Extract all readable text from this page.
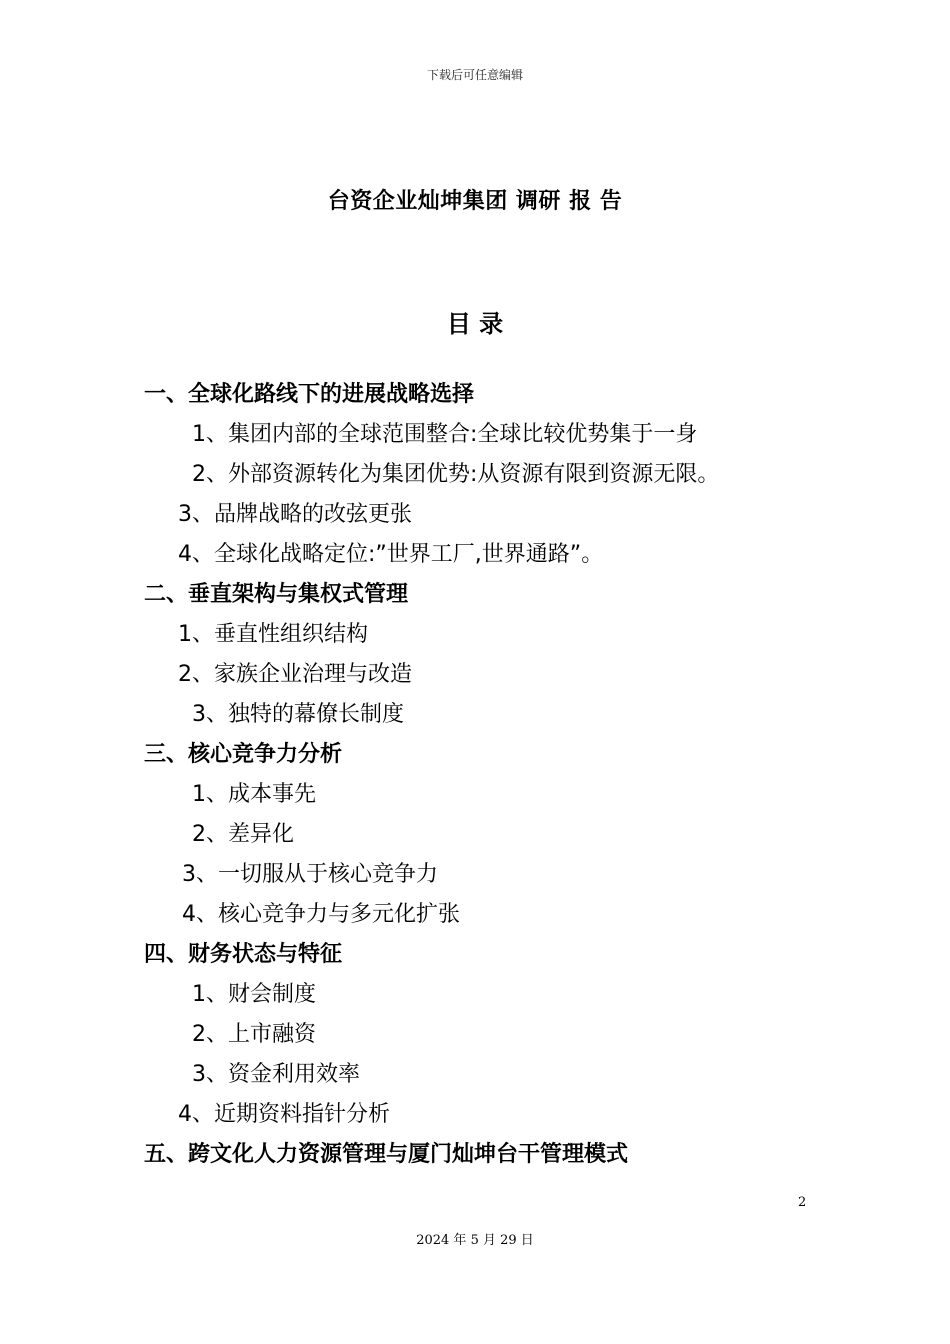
下载后可任意编辑
台资企业灿坤集团 调研 报 告
目 录
一、全球化路线下的进展战略选择
1、集团内部的全球范围整合:全球比较优势集于一身
2、外部资源转化为集团优势:从资源有限到资源无限。
3、品牌战略的改弦更张
4、全球化战略定位:”世界工厂,世界通路”。
二、垂直架构与集权式管理
1、垂直性组织结构
2、家族企业治理与改造
3、独特的幕僚长制度
三、核心竞争力分析
1、成本事先
2、差异化
3、一切服从于核心竞争力
4、核心竞争力与多元化扩张
四、财务状态与特征
1、财会制度
2、上市融资
3、资金利用效率
4、近期资料指针分析
五、跨文化人力资源管理与厦门灿坤台干管理模式
2
2024 年 5 月 29 日
